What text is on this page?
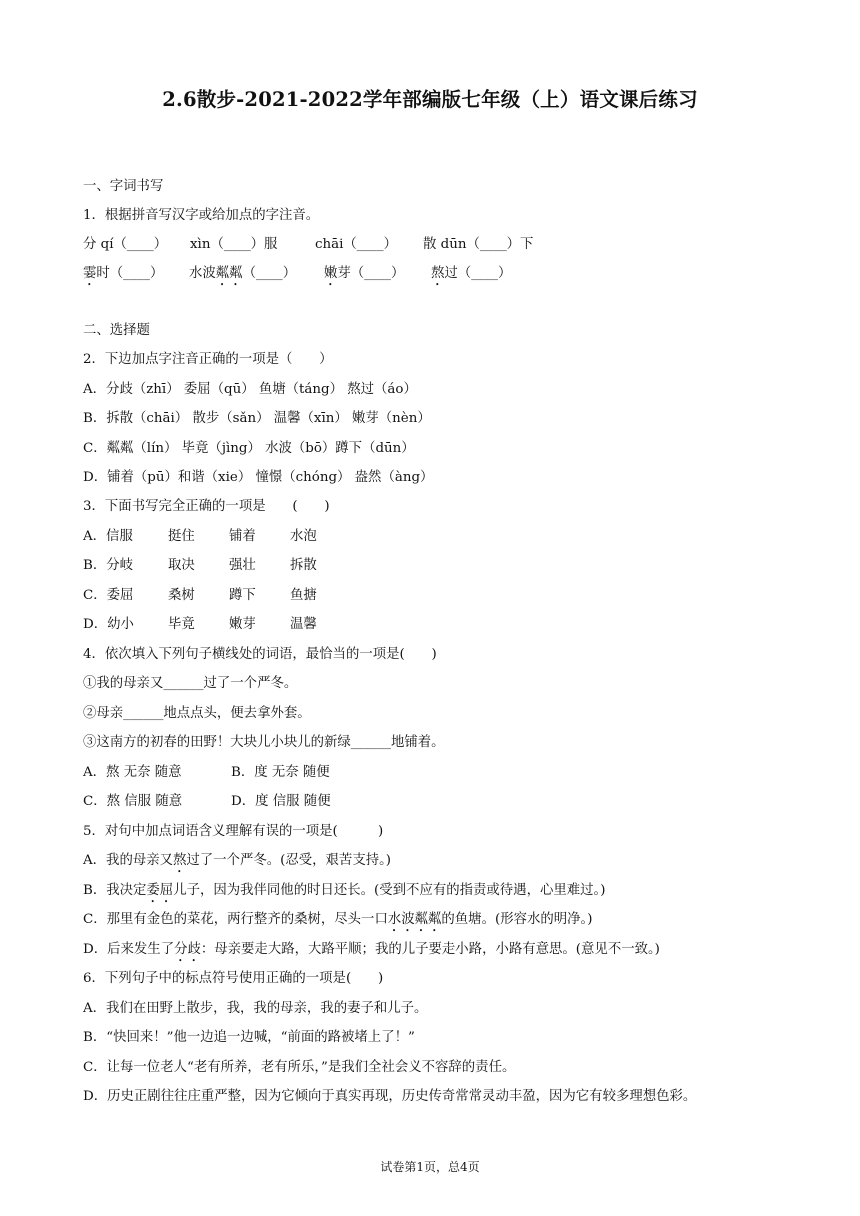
2.6散步-2021-2022学年部编版七年级（上）语文课后练习
一、字词书写
1．根据拼音写汉字或给加点的字注音。
分 qí（____）	xìn（____）服	chāi（____）	散 dūn（____）下
霎时（____）	水波粼粼（____）	嫩芽（____）	熬过（____）
二、选择题
2．下边加点字注音正确的一项是（　　）
A．分歧（zhī） 委屈（qū） 鱼塘（táng） 熬过（áo）
B．拆散（chāi） 散步（sǎn） 温馨（xīn） 嫩芽（nèn）
C．粼粼（lín） 毕竟（jìng） 水波（bō）蹲下（dūn）
D．铺着（pū）和谐（xie） 憧憬（chóng） 盎然（àng）
3．下面书写完全正确的一项是　　(　　)
A．信服	挺住	铺着	水泡
B．分岐	取决	强壮	拆散
C．委屈	桑树	蹲下	鱼搪
D．幼小	毕竟	嫩芽	温馨
4．依次填入下列句子横线处的词语，最恰当的一项是(　　)
①我的母亲又______过了一个严冬。
②母亲______地点点头，便去拿外套。
③这南方的初春的田野！大块儿小块儿的新绿______地铺着。
A．熬 无奈 随意	B．度 无奈 随便
C．熬 信服 随意	D．度 信服 随便
5．对句中加点词语含义理解有误的一项是(　　　)
A．我的母亲又熬过了一个严冬。(忍受，艰苦支持。)
B．我决定委屈儿子，因为我伴同他的时日还长。(受到不应有的指责或待遇，心里难过。)
C．那里有金色的菜花，两行整齐的桑树，尽头一口水波粼粼的鱼塘。(形容水的明净。)
D．后来发生了分歧：母亲要走大路，大路平顺；我的儿子要走小路，小路有意思。(意见不一致。)
6．下列句子中的标点符号使用正确的一项是(　　)
A．我们在田野上散步，我，我的母亲，我的妻子和儿子。
B．“快回来！”他一边追一边喊，“前面的路被堵上了！”
C．让每一位老人“老有所养，老有所乐，”是我们全社会义不容辞的责任。
D．历史正剧往往庄重严整，因为它倾向于真实再现，历史传奇常常灵动丰盈，因为它有较多理想色彩。
试卷第1页，总4页
